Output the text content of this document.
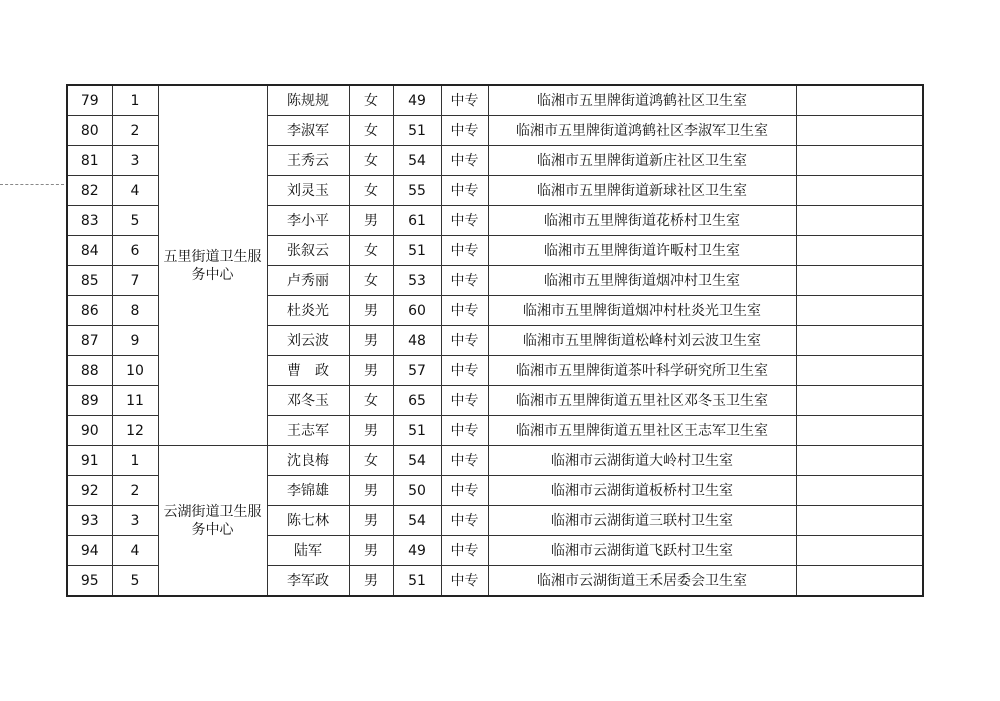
79	1	五里街道卫生服务中心	陈规规	女	49	中专	临湘市五里牌街道鸿鹤社区卫生室	
80	2		李淑军	女	51	中专	临湘市五里牌街道鸿鹤社区李淑军卫生室	
81	3		王秀云	女	54	中专	临湘市五里牌街道新庄社区卫生室	
82	4		刘灵玉	女	55	中专	临湘市五里牌街道新球社区卫生室	
83	5		李小平	男	61	中专	临湘市五里牌街道花桥村卫生室	
84	6		张叙云	女	51	中专	临湘市五里牌街道许畈村卫生室	
85	7		卢秀丽	女	53	中专	临湘市五里牌街道烟冲村卫生室	
86	8		杜炎光	男	60	中专	临湘市五里牌街道烟冲村杜炎光卫生室	
87	9		刘云波	男	48	中专	临湘市五里牌街道松峰村刘云波卫生室	
88	10		曹　政	男	57	中专	临湘市五里牌街道茶叶科学研究所卫生室	
89	11		邓冬玉	女	65	中专	临湘市五里牌街道五里社区邓冬玉卫生室	
90	12		王志军	男	51	中专	临湘市五里牌街道五里社区王志军卫生室	
91	1	云湖街道卫生服务中心	沈良梅	女	54	中专	临湘市云湖街道大岭村卫生室	
92	2		李锦雄	男	50	中专	临湘市云湖街道板桥村卫生室	
93	3		陈七林	男	54	中专	临湘市云湖街道三联村卫生室	
94	4		陆军	男	49	中专	临湘市云湖街道飞跃村卫生室	
95	5		李军政	男	51	中专	临湘市云湖街道王禾居委会卫生室	
